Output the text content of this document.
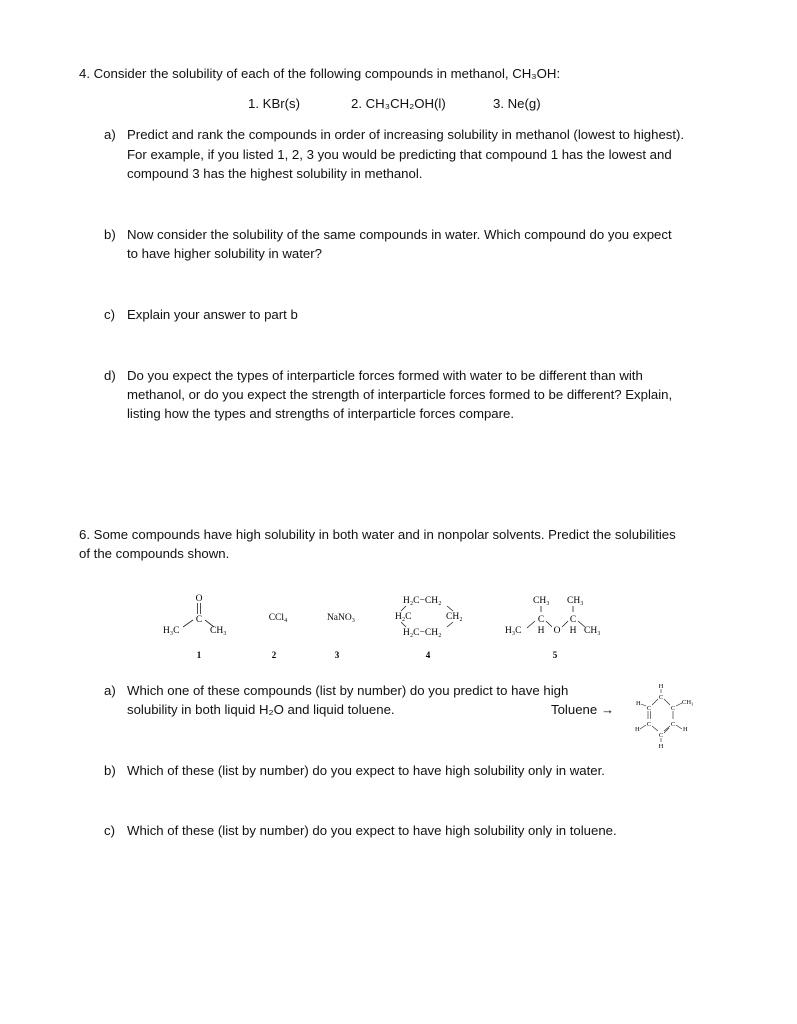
4. Consider the solubility of each of the following compounds in methanol, CH₃OH:
1. KBr(s)	2. CH₃CH₂OH(l)	3. Ne(g)
a) Predict and rank the compounds in order of increasing solubility in methanol (lowest to highest).
For example, if you listed 1, 2, 3 you would be predicting that compound 1 has the lowest and
compound 3 has the highest solubility in methanol.
b) Now consider the solubility of the same compounds in water. Which compound do you expect
to have higher solubility in water?
c) Explain your answer to part b
d) Do you expect the types of interparticle forces formed with water to be different than with
methanol, or do you expect the strength of interparticle forces formed to be different? Explain,
listing how the types and strengths of interparticle forces compare.
6. Some compounds have high solubility in both water and in nonpolar solvents. Predict the solubilities
of the compounds shown.
O
C
H₃C	CH₃
1
CCl₄
2
NaNO₃
3
H₂C−CH₂
H₂C	CH₂
H₂C−CH₂
4
CH₃ CH₃
C	C
H₃C H O H CH₃
5
a) Which one of these compounds (list by number) do you predict to have high
solubility in both liquid H₂O and liquid toluene.	Toluene →
H
C
H
C	C
CH₃
C	C
H	H
C
H
b) Which of these (list by number) do you expect to have high solubility only in water.
c) Which of these (list by number) do you expect to have high solubility only in toluene.
